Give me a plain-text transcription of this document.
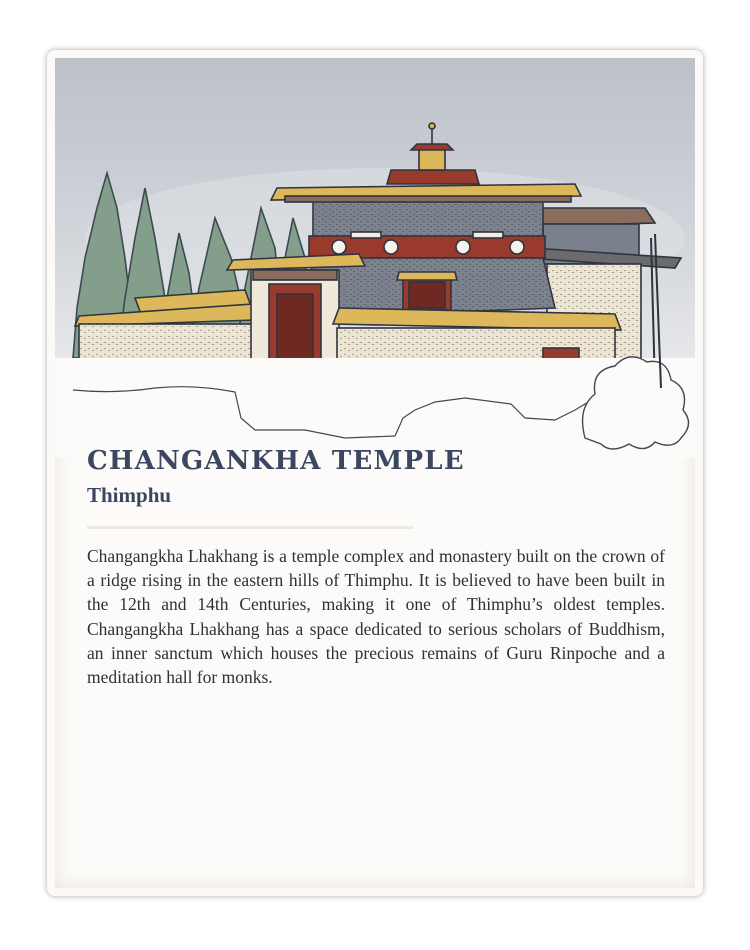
CHANGANKHA TEMPLE
Thimphu

Changangkha Lhakhang is a temple complex and monastery built on the crown of a ridge rising in the eastern hills of Thimphu. It is believed to have been built in the 12th and 14th Centuries, making it one of Thimphu’s oldest temples. Changangkha Lhakhang has a space dedicated to serious scholars of Buddhism, an inner sanctum which houses the precious remains of Guru Rinpoche and a meditation hall for monks.
